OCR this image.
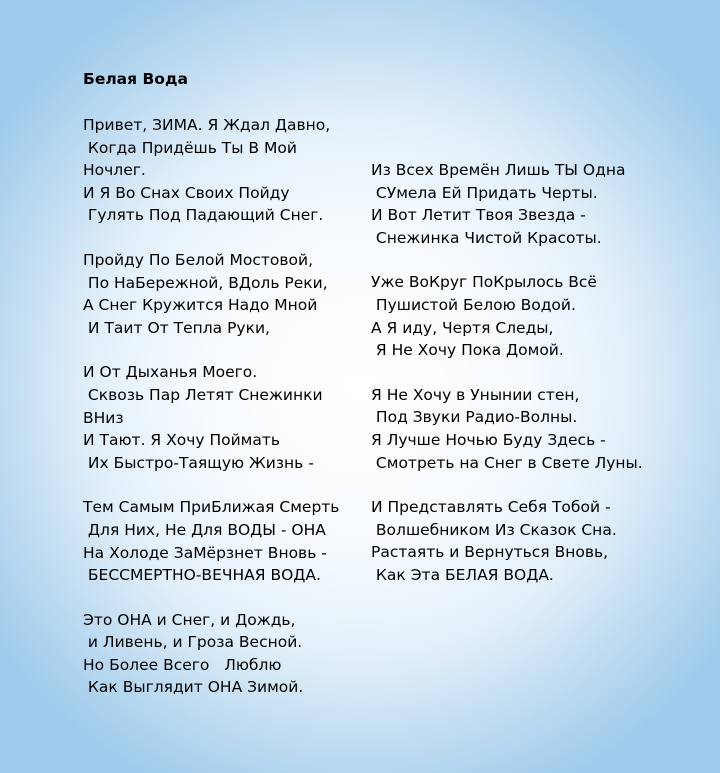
Белая Вода
Привет, ЗИМА. Я Ждал Давно,
Когда Придёшь Ты В Мой
Ночлег.
И Я Во Снах Своих Пойду
Гулять Под Падающий Снег.
Пройду По Белой Мостовой,
По НаБережной, ВДоль Реки,
А Снег Кружится Надо Мной
И Таит От Тепла Руки,
И От Дыханья Моего.
Сквозь Пар Летят Снежинки
ВНиз
И Тают. Я Хочу Поймать
Их Быстро-Таящую Жизнь -
Тем Самым ПриБлижая Смерть
Для Них, Не Для ВОДЫ - ОНА
На Холоде ЗаМёрзнет Вновь -
БЕССМЕРТНО-ВЕЧНАЯ ВОДА.
Это ОНА и Снег, и Дождь,
и Ливень, и Гроза Весной.
Но Более Всего   Люблю
Как Выглядит ОНА Зимой.
Из Всех Времён Лишь ТЫ Одна
СУмела Ей Придать Черты.
И Вот Летит Твоя Звезда -
Снежинка Чистой Красоты.
Уже ВоКруг ПоКрылось Всё
Пушистой Белою Водой.
А Я иду, Чертя Следы,
Я Не Хочу Пока Домой.
Я Не Хочу в Унынии стен,
Под Звуки Радио-Волны.
Я Лучше Ночью Буду Здесь -
Смотреть на Снег в Свете Луны.
И Представлять Себя Тобой -
Волшебником Из Сказок Сна.
Растаять и Вернуться Вновь,
Как Эта БЕЛАЯ ВОДА.
